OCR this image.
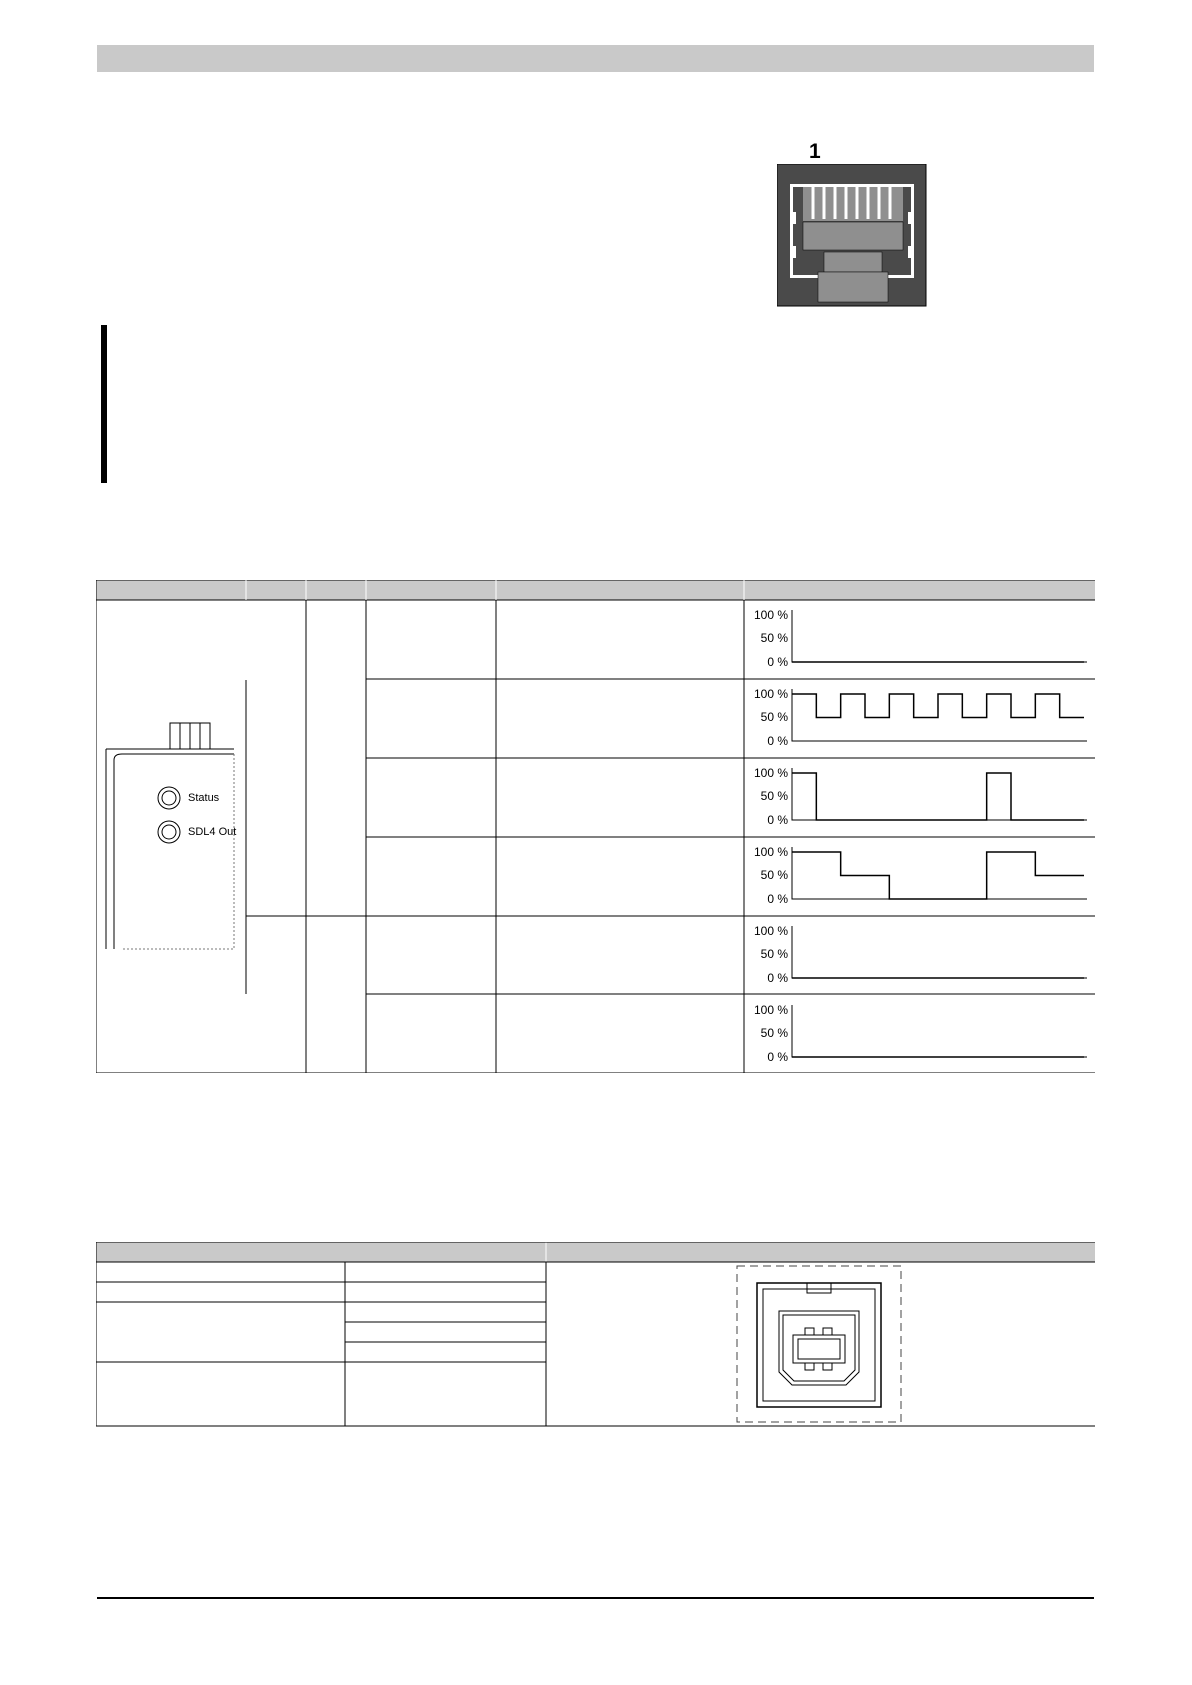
1
Status
SDL4 Out
100 %
50 %
0 %
100 %
50 %
0 %
100 %
50 %
0 %
100 %
50 %
0 %
100 %
50 %
0 %
100 %
50 %
0 %
